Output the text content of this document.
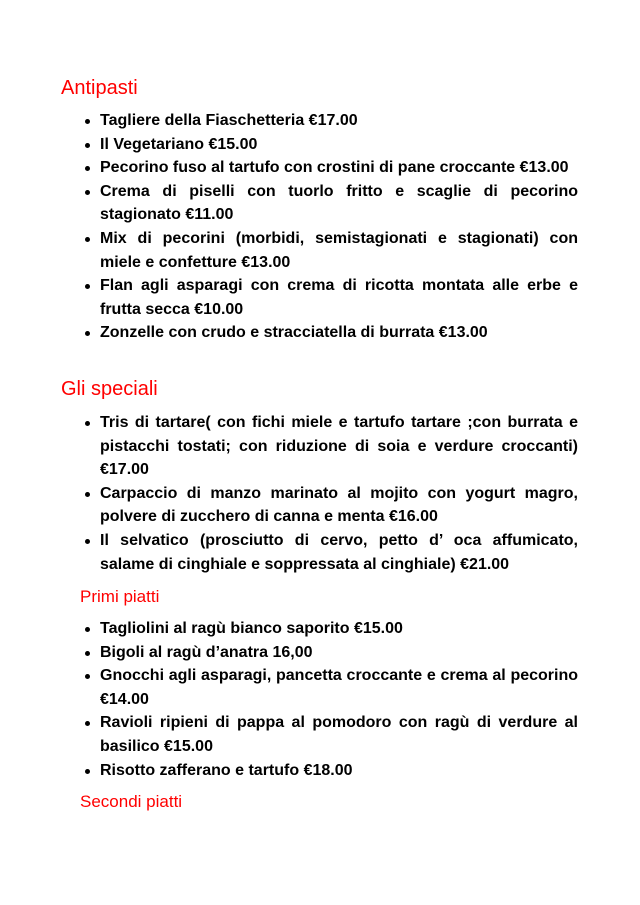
Antipasti
Tagliere della Fiaschetteria €17.00
Il Vegetariano €15.00
Pecorino fuso al tartufo con crostini di pane croccante €13.00
Crema di piselli con tuorlo fritto e scaglie di pecorino stagionato €11.00
Mix di pecorini (morbidi, semistagionati e stagionati) con miele e confetture €13.00
Flan agli asparagi con crema di ricotta montata alle erbe e frutta secca €10.00
Zonzelle con crudo e stracciatella di burrata €13.00
Gli speciali
Tris di tartare( con fichi miele e tartufo tartare ;con burrata e pistacchi tostati; con riduzione di soia e verdure croccanti) €17.00
Carpaccio di manzo marinato al mojito con yogurt magro, polvere di zucchero di canna e menta €16.00
Il selvatico (prosciutto di cervo, petto d’ oca affumicato, salame di cinghiale e soppressata al cinghiale) €21.00
Primi piatti
Tagliolini al ragù bianco saporito €15.00
Bigoli al ragù d’anatra 16,00
Gnocchi agli asparagi, pancetta croccante e crema al pecorino €14.00
Ravioli ripieni di pappa al pomodoro con ragù di verdure al basilico €15.00
Risotto zafferano e tartufo €18.00
Secondi piatti
